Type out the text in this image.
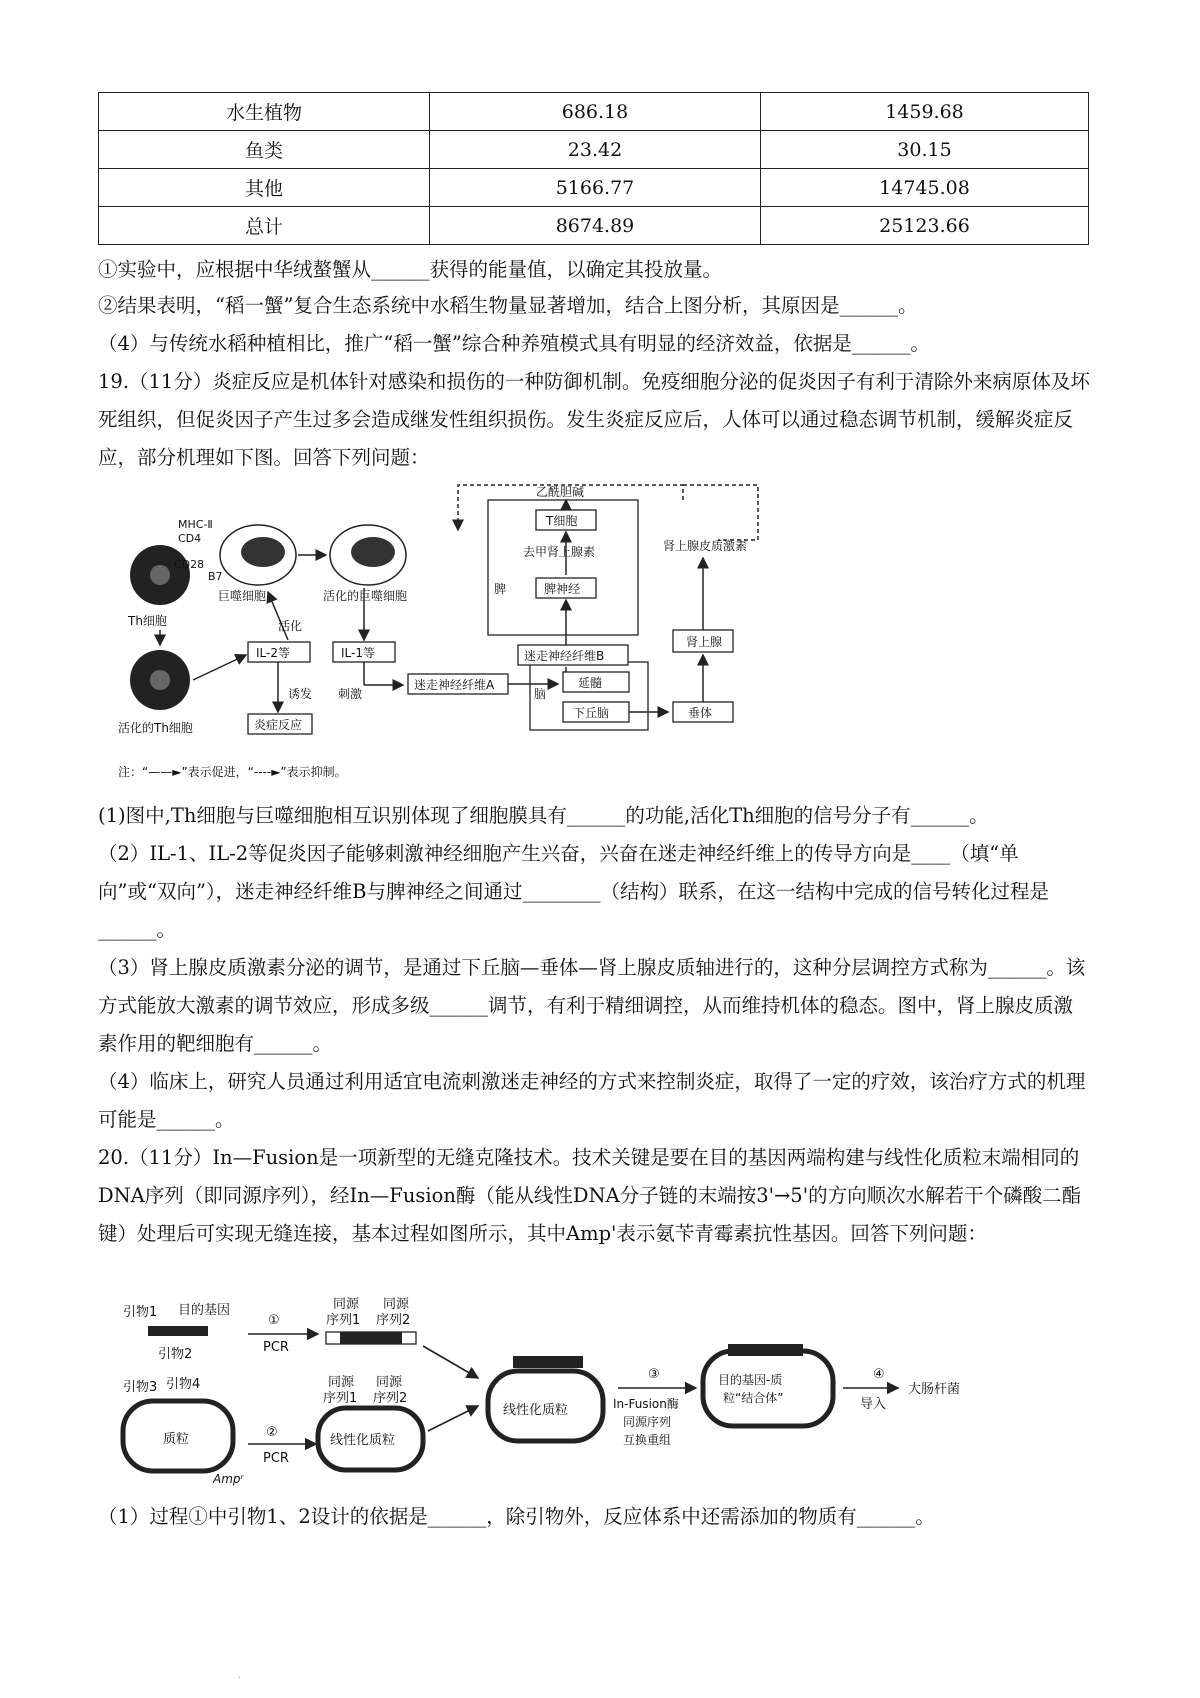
水生植物	686.18	1459.68
鱼类	23.42	30.15
其他	5166.77	14745.08
总计	8674.89	25123.66
①实验中，应根据中华绒螯蟹从______获得的能量值，以确定其投放量。
②结果表明，“稻一蟹”复合生态系统中水稻生物量显著增加，结合上图分析，其原因是______。
（4）与传统水稻种植相比，推广“稻一蟹”综合种养殖模式具有明显的经济效益，依据是______。
19.（11分）炎症反应是机体针对感染和损伤的一种防御机制。免疫细胞分泌的促炎因子有利于清除外来病原体及坏死组织，但促炎因子产生过多会造成继发性组织损伤。发生炎症反应后，人体可以通过稳态调节机制，缓解炎症反应，部分机理如下图。回答下列问题：
Th细胞
MHC-Ⅱ
CD4
CD28
B7
巨噬细胞	活化的巨噬细胞
活化
活化的Th细胞
IL-2等	IL-1等
诱发
炎症反应
刺激
迷走神经纤维A
脑
延髓
下丘脑	垂体
肾上腺
肾上腺皮质激素
乙酰胆碱
T细胞
去甲肾上腺素
脾神经
脾
迷走神经纤维B
注：“——►”表示促进，“----►”表示抑制。
(1)图中,Th细胞与巨噬细胞相互识别体现了细胞膜具有______的功能,活化Th细胞的信号分子有______。
（2）IL-1、IL-2等促炎因子能够刺激神经细胞产生兴奋，兴奋在迷走神经纤维上的传导方向是____（填“单向”或“双向”），迷走神经纤维B与脾神经之间通过________（结构）联系，在这一结构中完成的信号转化过程是______。
（3）肾上腺皮质激素分泌的调节，是通过下丘脑—垂体—肾上腺皮质轴进行的，这种分层调控方式称为______。该方式能放大激素的调节效应，形成多级______调节，有利于精细调控，从而维持机体的稳态。图中，肾上腺皮质激素作用的靶细胞有______。
（4）临床上，研究人员通过利用适宜电流刺激迷走神经的方式来控制炎症，取得了一定的疗效，该治疗方式的机理可能是______。
20.（11分）In—Fusion是一项新型的无缝克隆技术。技术关键是要在目的基因两端构建与线性化质粒末端相同的DNA序列（即同源序列），经In—Fusion酶（能从线性DNA分子链的末端按3'→5'的方向顺次水解若干个磷酸二酯键）处理后可实现无缝连接，基本过程如图所示，其中Amp'表示氨苄青霉素抗性基因。回答下列问题：
引物1 目的基因
引物2
①
PCR
同源
序列1
同源
序列2
引物3 引物4
质粒
Ampʳ
②
PCR
同源
序列1
同源
序列2
线性化质粒
线性化质粒
③
In-Fusion酶
同源序列
互换重组
目的基因-质
粒“结合体”
④
导入
大肠杆菌
（1）过程①中引物1、2设计的依据是______，除引物外，反应体系中还需添加的物质有______。
.
